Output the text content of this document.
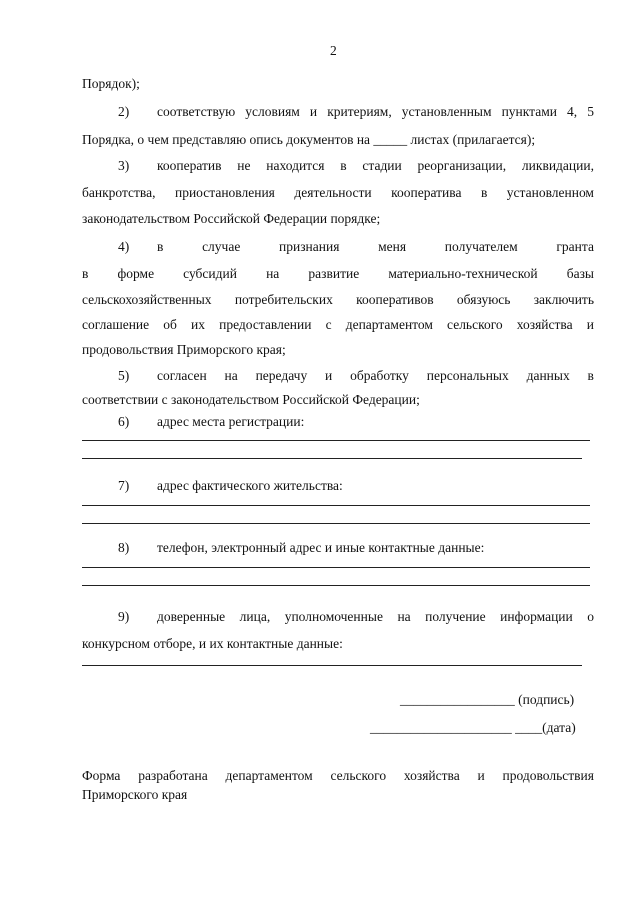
2
Порядок);
2) соответствую условиям и критериям, установленным пунктами 4, 5
Порядка, о чем представляю опись документов на _____ листах (прилагается);
3) кооператив не находится в стадии реорганизации, ликвидации,
банкротства, приостановления деятельности кооператива в установленном
законодательством Российской Федерации порядке;
4) в	случае	признания	меня	получателем	гранта
в форме субсидий на развитие материально-технической базы
сельскохозяйственных потребительских кооперативов обязуюсь заключить
соглашение об их предоставлении с департаментом сельского хозяйства и
продовольствия Приморского края;
5) согласен на передачу и обработку персональных данных в
соответствии с законодательством Российской Федерации;
6) адрес места регистрации:
7) адрес фактического жительства:
8) телефон, электронный адрес и иные контактные данные:
9) доверенные лица, уполномоченные на получение информации о
конкурсном отборе, и их контактные данные:
_________________ (подпись)
_____________________ ____(дата)
Форма разработана департаментом сельского хозяйства и продовольствия
Приморского края
